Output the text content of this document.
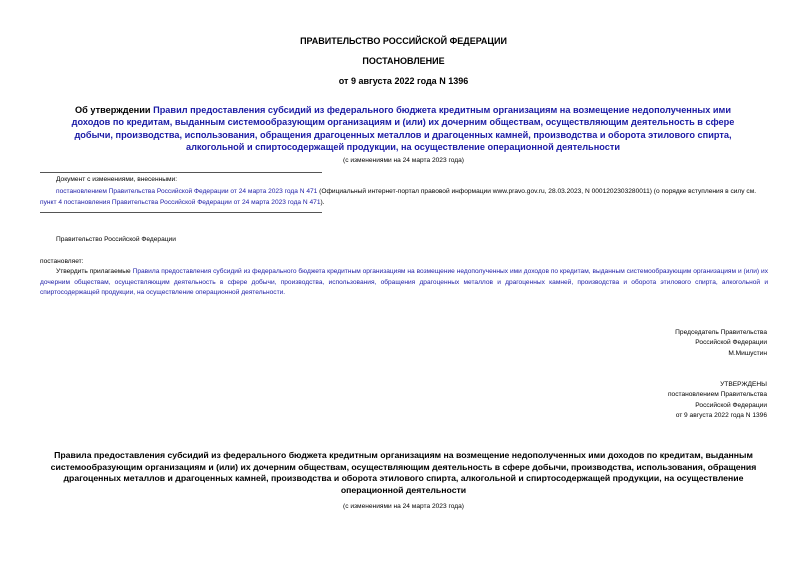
ПРАВИТЕЛЬСТВО РОССИЙСКОЙ ФЕДЕРАЦИИ
ПОСТАНОВЛЕНИЕ
от 9 августа 2022 года N 1396
Об утверждении Правил предоставления субсидий из федерального бюджета кредитным организациям на возмещение недополученных ими доходов по кредитам, выданным системообразующим организациям и (или) их дочерним обществам, осуществляющим деятельность в сфере добычи, производства, использования, обращения драгоценных металлов и драгоценных камней, производства и оборота этилового спирта, алкогольной и спиртосодержащей продукции, на осуществление операционной деятельности
(с изменениями на 24 марта 2023 года)
Документ с изменениями, внесенными:
постановлением Правительства Российской Федерации от 24 марта 2023 года N 471 (Официальный интернет-портал правовой информации www.pravo.gov.ru, 28.03.2023, N 0001202303280011) (о порядке вступления в силу см. пункт 4 постановления Правительства Российской Федерации от 24 марта 2023 года N 471).
Правительство Российской Федерации
постановляет:
Утвердить прилагаемые Правила предоставления субсидий из федерального бюджета кредитным организациям на возмещение недополученных ими доходов по кредитам, выданным системообразующим организациям и (или) их дочерним обществам, осуществляющим деятельность в сфере добычи, производства, использования, обращения драгоценных металлов и драгоценных камней, производства и оборота этилового спирта, алкогольной и спиртосодержащей продукции, на осуществление операционной деятельности.
Председатель Правительства
Российской Федерации
М.Мишустин
УТВЕРЖДЕНЫ
постановлением Правительства
Российской Федерации
от 9 августа 2022 года N 1396
Правила предоставления субсидий из федерального бюджета кредитным организациям на возмещение недополученных ими доходов по кредитам, выданным системообразующим организациям и (или) их дочерним обществам, осуществляющим деятельность в сфере добычи, производства, использования, обращения драгоценных металлов и драгоценных камней, производства и оборота этилового спирта, алкогольной и спиртосодержащей продукции, на осуществление операционной деятельности
(с изменениями на 24 марта 2023 года)
